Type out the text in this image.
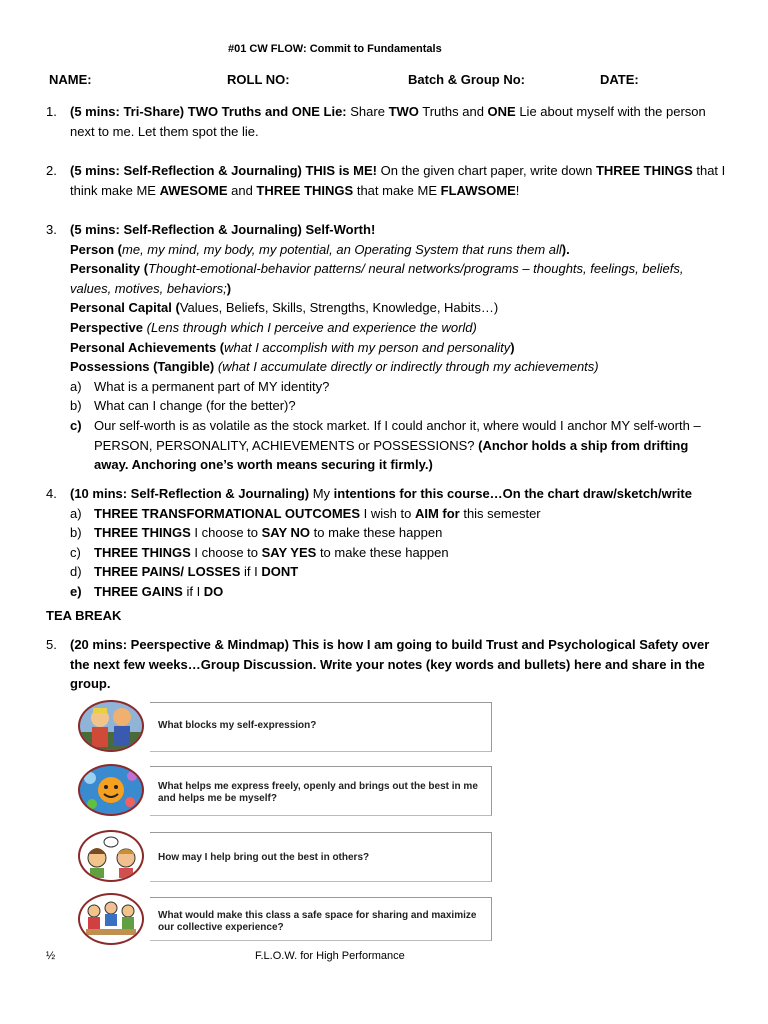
#01 CW FLOW: Commit to Fundamentals
NAME:	ROLL NO:	Batch & Group No:	DATE:
1.	(5 mins: Tri-Share) TWO Truths and ONE Lie: Share TWO Truths and ONE Lie about myself with the person next to me. Let them spot the lie.
2.	(5 mins: Self-Reflection & Journaling) THIS is ME! On the given chart paper, write down THREE THINGS that I think make ME AWESOME and THREE THINGS that make ME FLAWSOME!
3.	(5 mins: Self-Reflection & Journaling) Self-Worth!
Person (me, my mind, my body, my potential, an Operating System that runs them all).
Personality (Thought-emotional-behavior patterns/ neural networks/programs – thoughts, feelings, beliefs, values, motives, behaviors;)
Personal Capital (Values, Beliefs, Skills, Strengths, Knowledge, Habits…)
Perspective (Lens through which I perceive and experience the world)
Personal Achievements (what I accomplish with my person and personality)
Possessions (Tangible) (what I accumulate directly or indirectly through my achievements)
a) What is a permanent part of MY identity?
b) What can I change (for the better)?
c) Our self-worth is as volatile as the stock market. If I could anchor it, where would I anchor MY self-worth – PERSON, PERSONALITY, ACHIEVEMENTS or POSSESSIONS? (Anchor holds a ship from drifting away. Anchoring one’s worth means securing it firmly.)
4.	(10 mins: Self-Reflection & Journaling) My intentions for this course…On the chart draw/sketch/write
a) THREE TRANSFORMATIONAL OUTCOMES I wish to AIM for this semester
b) THREE THINGS I choose to SAY NO to make these happen
c)	THREE THINGS I choose to SAY YES to make these happen
d) THREE PAINS/ LOSSES if I DONT
e) THREE GAINS if I DO
TEA BREAK
5.	(20 mins: Peerspective & Mindmap) This is how I am going to build Trust and Psychological Safety over the next few weeks…Group Discussion. Write your notes (key words and bullets) here and share in the group.
What blocks my self-expression?
What helps me express freely, openly and brings out the best in me and helps me be myself?
How may I help bring out the best in others?
What would make this class a safe space for sharing and maximize our collective experience?
½	F.L.O.W. for High Performance
